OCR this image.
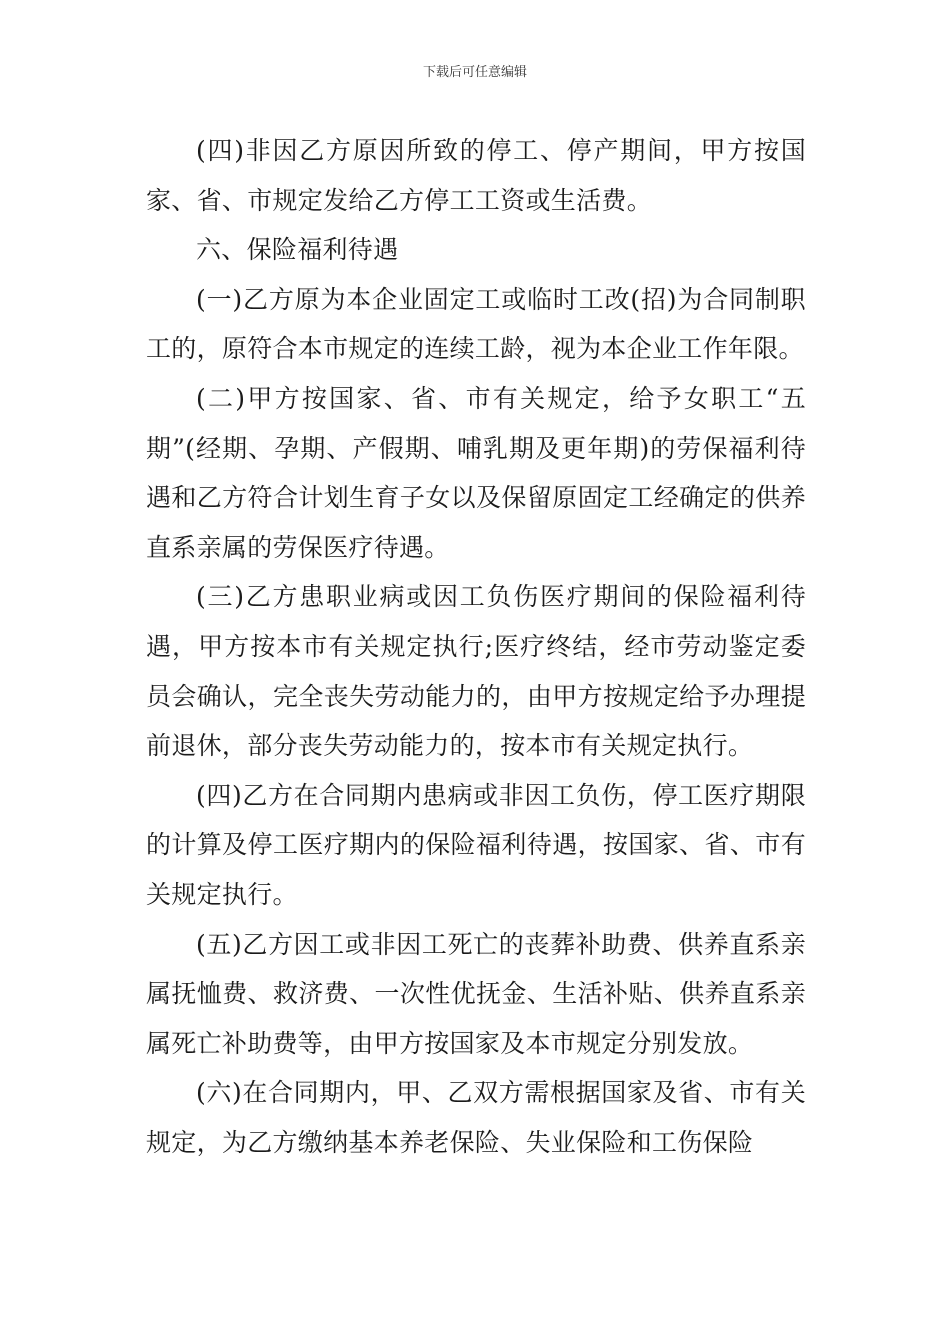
下载后可任意编辑

(四)非因乙方原因所致的停工、停产期间，甲方按国家、省、市规定发给乙方停工工资或生活费。

六、保险福利待遇

(一)乙方原为本企业固定工或临时工改(招)为合同制职工的，原符合本市规定的连续工龄，视为本企业工作年限。

(二)甲方按国家、省、市有关规定，给予女职工“五期”(经期、孕期、产假期、哺乳期及更年期)的劳保福利待遇和乙方符合计划生育子女以及保留原固定工经确定的供养直系亲属的劳保医疗待遇。

(三)乙方患职业病或因工负伤医疗期间的保险福利待遇，甲方按本市有关规定执行;医疗终结，经市劳动鉴定委员会确认，完全丧失劳动能力的，由甲方按规定给予办理提前退休，部分丧失劳动能力的，按本市有关规定执行。

(四)乙方在合同期内患病或非因工负伤，停工医疗期限的计算及停工医疗期内的保险福利待遇，按国家、省、市有关规定执行。

(五)乙方因工或非因工死亡的丧葬补助费、供养直系亲属抚恤费、救济费、一次性优抚金、生活补贴、供养直系亲属死亡补助费等，由甲方按国家及本市规定分别发放。

(六)在合同期内，甲、乙双方需根据国家及省、市有关规定，为乙方缴纳基本养老保险、失业保险和工伤保险
